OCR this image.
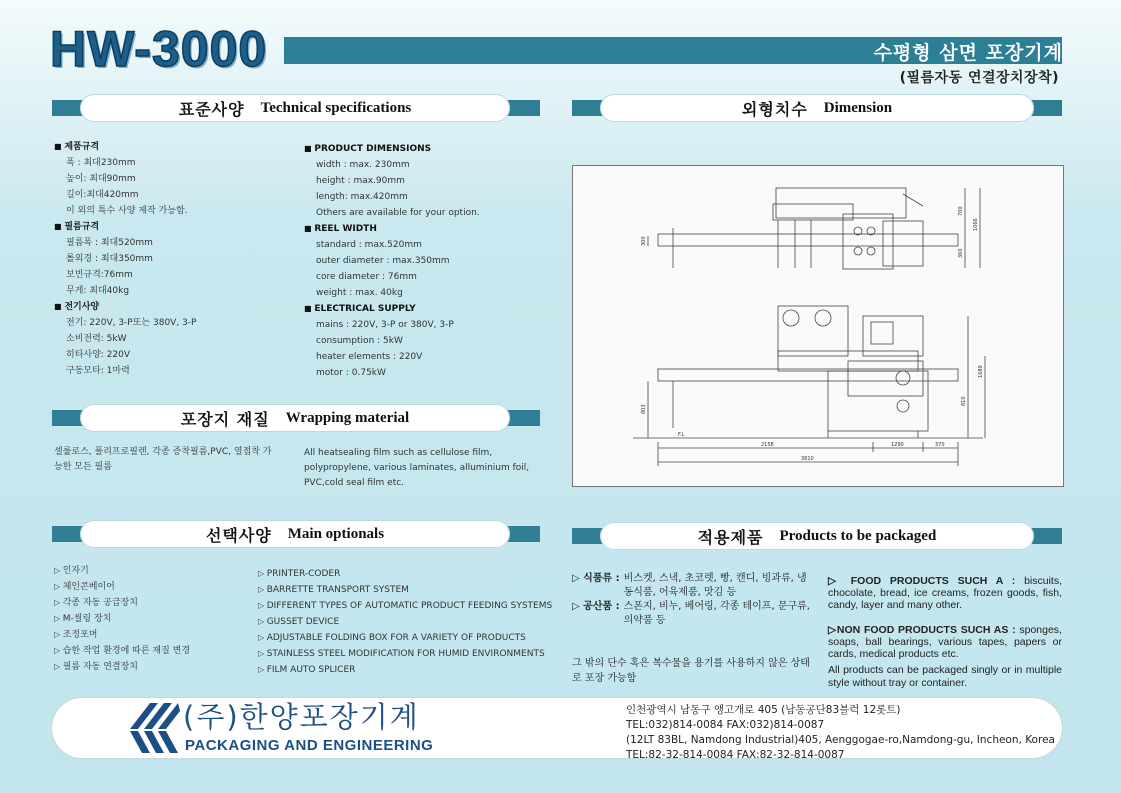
HW-3000	수평형 삼면 포장기계
(필름자동 연결장치장착)
표준사양 Technical specifications
■ 제품규격
폭 : 최대230mm
높이: 최대90mm
길이:최대420mm
이 외의 특수 사양 제작 가능함.
■ 필름규격
필름폭 : 최대520mm
롤외경 : 최대350mm
보빈규격:76mm
무게: 최대40kg
■ 전기사양
전기: 220V, 3-P또는 380V, 3-P
소비전력: 5kW
히타사양: 220V
구동모타: 1마력
■ PRODUCT DIMENSIONS
width : max. 230mm
height : max.90mm
length: max.420mm
Others are available for your option.
■ REEL WIDTH
standard : max.520mm
outer diameter : max.350mm
core diameter : 76mm
weight : max. 40kg
■ ELECTRICAL SUPPLY
mains : 220V, 3-P or 380V, 3-P
consumption : 5kW
heater elements : 220V
motor : 0.75kW
외형치수 Dimension
700
1066
300
360
2158	1290	370
3810
803
1689
810
F.L
포장지 재질 Wrapping material
셀룰로스, 폴리프로필렌, 각종 증착필름,PVC, 열접착 가능한 모든 필름
All heatsealing film such as cellulose film, polypropylene, various laminates, alluminium foil, PVC,cold seal film etc.
선택사양 Main optionals
▷ 인자기
▷ 체인콘베이어
▷ 각종 자동 공급장치
▷ M-씰링 장치
▷ 조정포머
▷ 습한 작업 환경에 따른 재질 변경
▷ 필름 자동 연결장치
▷ PRINTER-CODER
▷ BARRETTE TRANSPORT SYSTEM
▷ DIFFERENT TYPES OF AUTOMATIC PRODUCT FEEDING SYSTEMS
▷ GUSSET DEVICE
▷ ADJUSTABLE FOLDING BOX FOR A VARIETY OF PRODUCTS
▷ STAINLESS STEEL MODIFICATION FOR HUMID ENVIRONMENTS
▷ FILM AUTO SPLICER
적용제품 Products to be packaged
▷ 식품류 : 비스켓, 스낵, 초코렛, 빵, 캔디, 빙과류, 냉동식품, 어육제품, 맛김 등
▷ 공산품 : 스폰지, 비누, 베어링, 각종 테이프, 문구류, 의약품 등
그 밖의 단수 혹은 복수물을 용기를 사용하지 않은 상태로 포장 가능함
▷ FOOD PRODUCTS SUCH A : biscuits, chocolate, bread, ice creams, frozen goods, fish, candy, layer and many other.
▷NON FOOD PRODUCTS SUCH AS : sponges, soaps, ball bearings, various tapes, papers or cards, medical products etc.
All products can be packaged singly or in multiple style without tray or container.
(주)한양포장기계
PACKAGING AND ENGINEERING
인천광역시 남동구 앵고개로 405 (남동공단83블럭 12롯트)
TEL:032)814-0084 FAX:032)814-0087
(12LT 83BL, Namdong Industrial)405, Aenggogae-ro,Namdong-gu, Incheon, Korea
TEL:82-32-814-0084 FAX:82-32-814-0087
